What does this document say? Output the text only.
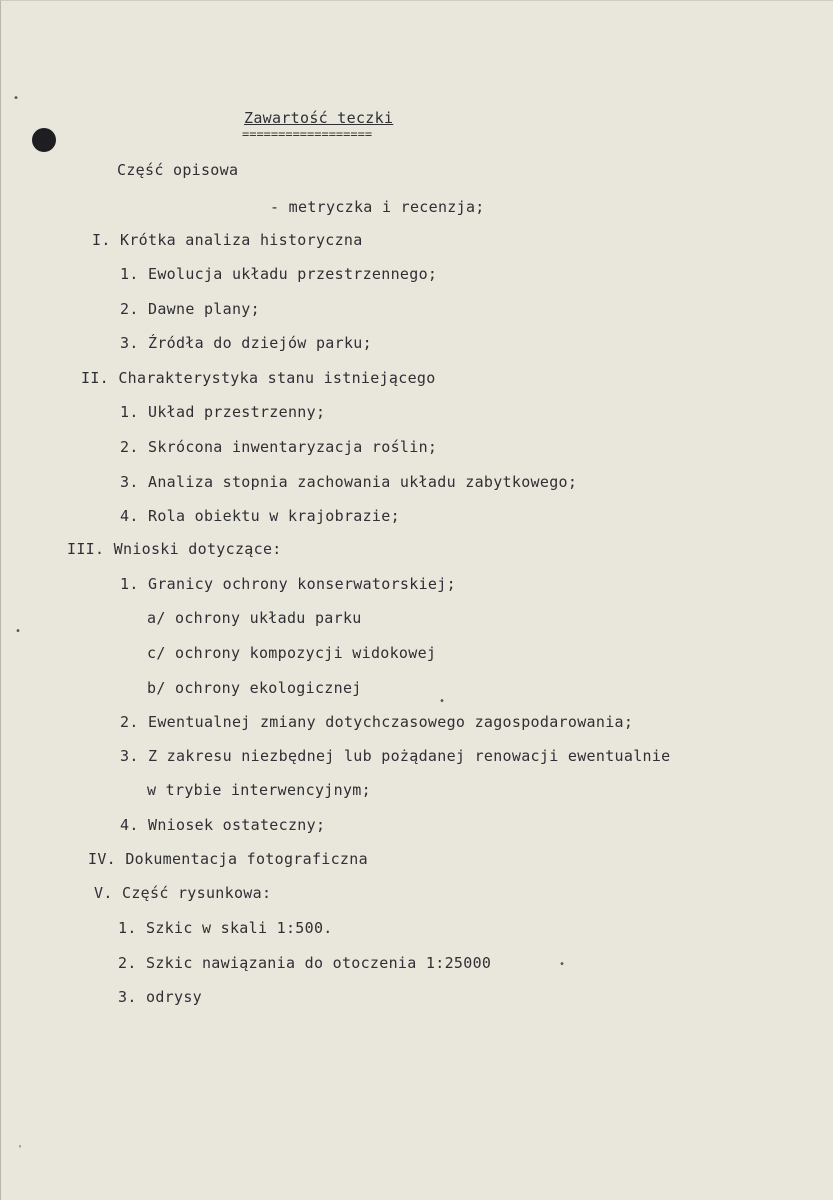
Zawartość teczki
==================
Część opisowa
- metryczka i recenzja;
I. Krótka analiza historyczna
1. Ewolucja układu przestrzennego;
2. Dawne plany;
3. Źródła do dziejów parku;
II. Charakterystyka stanu istniejącego
1. Układ przestrzenny;
2. Skrócona inwentaryzacja roślin;
3. Analiza stopnia zachowania układu zabytkowego;
4. Rola obiektu w krajobrazie;
III. Wnioski dotyczące:
1. Granicy ochrony konserwatorskiej;
a/ ochrony układu parku
c/ ochrony kompozycji widokowej
b/ ochrony ekologicznej
2. Ewentualnej zmiany dotychczasowego zagospodarowania;
3. Z zakresu niezbędnej lub pożądanej renowacji ewentualnie
w trybie interwencyjnym;
4. Wniosek ostateczny;
IV. Dokumentacja fotograficzna
V. Część rysunkowa:
1. Szkic w skali 1:500.
2. Szkic nawiązania do otoczenia 1:25000
3. odrysy
•
•
•
'
•
